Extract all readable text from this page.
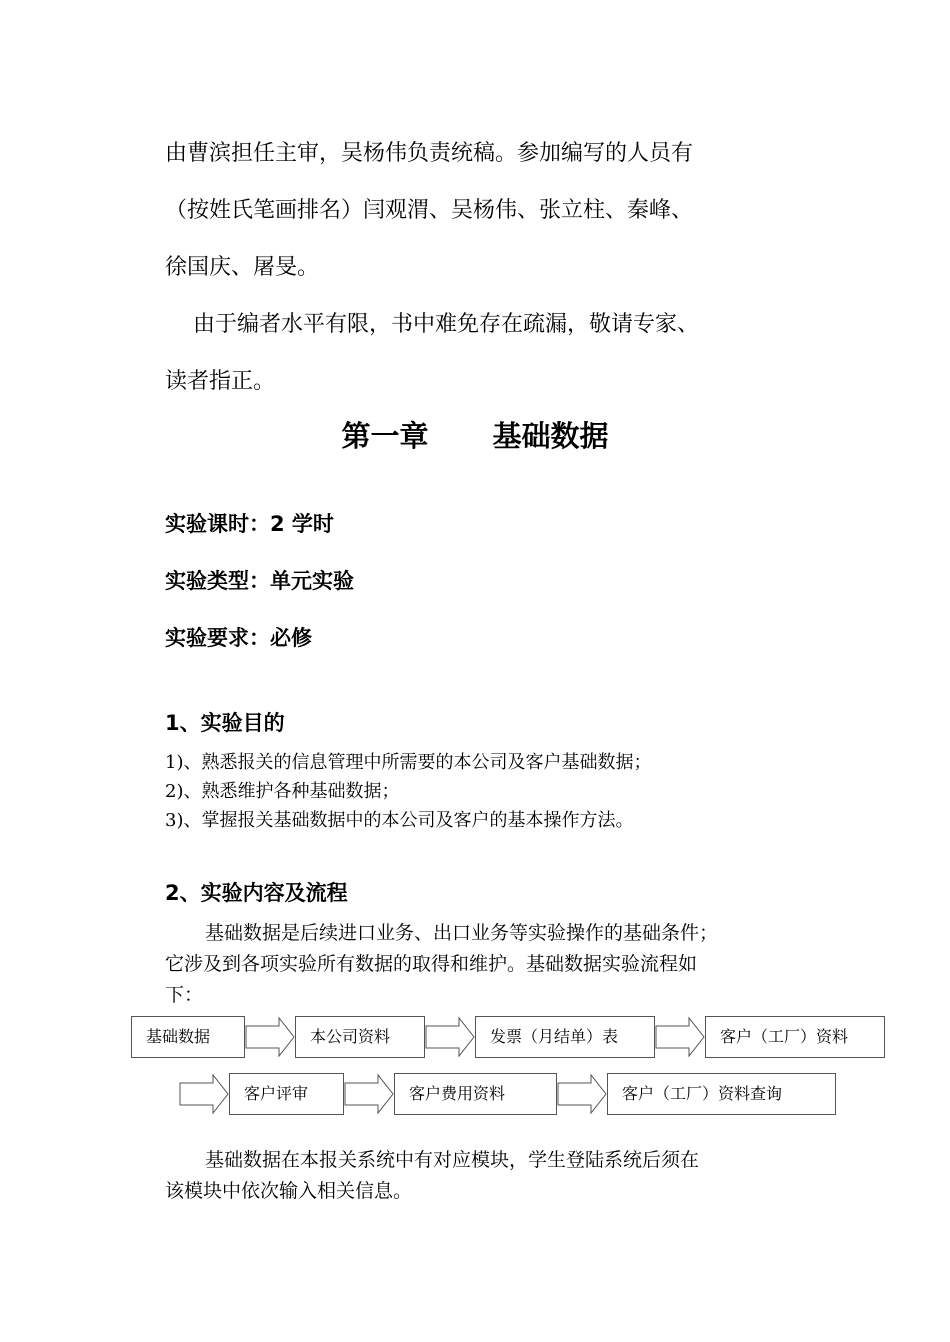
由曹滨担任主审，吴杨伟负责统稿。参加编写的人员有
（按姓氏笔画排名）闫观渭、吴杨伟、张立柱、秦峰、
徐国庆、屠旻。
由于编者水平有限，书中难免存在疏漏，敬请专家、
读者指正。
第一章 基础数据
实验课时：2 学时
实验类型：单元实验
实验要求：必修
1、实验目的
1)、熟悉报关的信息管理中所需要的本公司及客户基础数据；
2)、熟悉维护各种基础数据；
3)、掌握报关基础数据中的本公司及客户的基本操作方法。
2、实验内容及流程
基础数据是后续进口业务、出口业务等实验操作的基础条件；
它涉及到各项实验所有数据的取得和维护。基础数据实验流程如
下：
基础数据	本公司资料	发票（月结单）表	客户（工厂）资料
客户评审	客户费用资料	客户（工厂）资料查询
基础数据在本报关系统中有对应模块，学生登陆系统后须在
该模块中依次输入相关信息。
